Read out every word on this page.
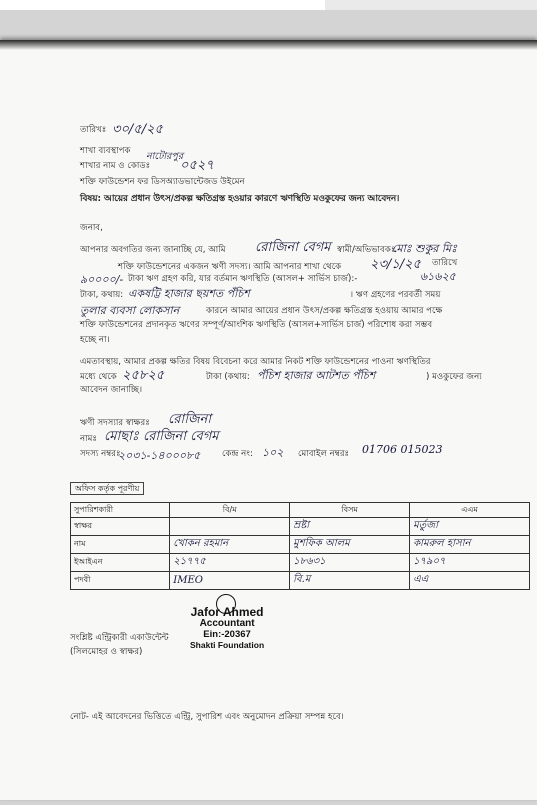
তারিখঃ ৩০/৫/২৫
শাখা ব্যবস্থাপক
শাখার নাম ও কোডঃ
নাটোরপুর
০৫২৭
শক্তি ফাউন্ডেশন ফর ডিসঅ্যাডভান্টেজড উইমেন
বিষয়: আয়ের প্রধান উৎস/প্রকল্প ক্ষতিগ্রস্ত হওয়ার কারণে ঋণস্থিতি মওকুফের জন্য আবেদন।
জনাব,
আপনার অবগতির জন্য জানাচ্ছি যে, আমি রোজিনা বেগম স্বামী/অভিভাবকঃ
মোঃ শুকুর মিঃ
শক্তি ফাউন্ডেশনের একজন ঋণী সদস্য। আমি আপনার শাখা থেকে ২৩/১/২৫ তারিখে
৯০০০০/- টাকা ঋণ গ্রহণ করি, যার বর্তমান ঋণস্থিতি (আসল+ সার্ভিস চার্জ):-	৬১৬২৫
টাকা, কথায়: একষট্টি হাজার ছয়শত পঁচিশ	। ঋণ গ্রহণের পরবর্তী সময়
তুলার ব্যবসা লোকসান	কারনে আমার আয়ের প্রধান উৎস/প্রকল্প ক্ষতিগ্রস্ত হওয়ায় আমার পক্ষে
শক্তি ফাউন্ডেশনের প্রদানকৃত ঋণের সম্পূর্ণ/আংশিক ঋণস্থিতি (আসল+সার্ভিস চার্জ) পরিশোধ করা সম্ভব
হচ্ছে না।
এমতাবস্থায়, আমার প্রকল্প ক্ষতির বিষয় বিবেচনা করে আমার নিকট শক্তি ফাউন্ডেশনের পাওনা ঋণস্থিতির
মধ্যে থেকে ২৫৮২৫	টাকা (কথায়: পঁচিশ হাজার আটশত পঁচিশ	) মওকুফের জন্য
আবেদন জানাচ্ছি।
ঋণী সদস্যার স্বাক্ষরঃ রোজিনা
নামঃ মোছাঃ রোজিনা বেগম
সদস্য নম্বরঃ
২০৩১-১৪০০০৮৫	কেন্দ্র নং: ১০২ মোবাইল নম্বরঃ 01706 015023
অফিস কর্তৃক পূরণীয়
সুপারিশকারী	বি/ম	বিসম	এএম
স্বাক্ষর		ম্রষ্টা	মর্তুজা
নাম	খোকন রহমান	মুশফিক আলম	কামরুল হাসান
ইআইএন	২১৭৭৫	১৮৬৩১	১৭৯০৭
পদবী	IMEO	বি.ম	এএ
সংশ্লিষ্ট এন্ট্রিকারী একাউন্টেন্ট
(সিলমোহর ও স্বাক্ষর)
Jafor Ahmed
Accountant
Ein:-20367
Shakti Foundation
নোট- এই আবেদনের ভিত্তিতে এন্ট্রি, সুপারিশ এবং অনুমোদন প্রক্রিয়া সম্পন্ন হবে।
